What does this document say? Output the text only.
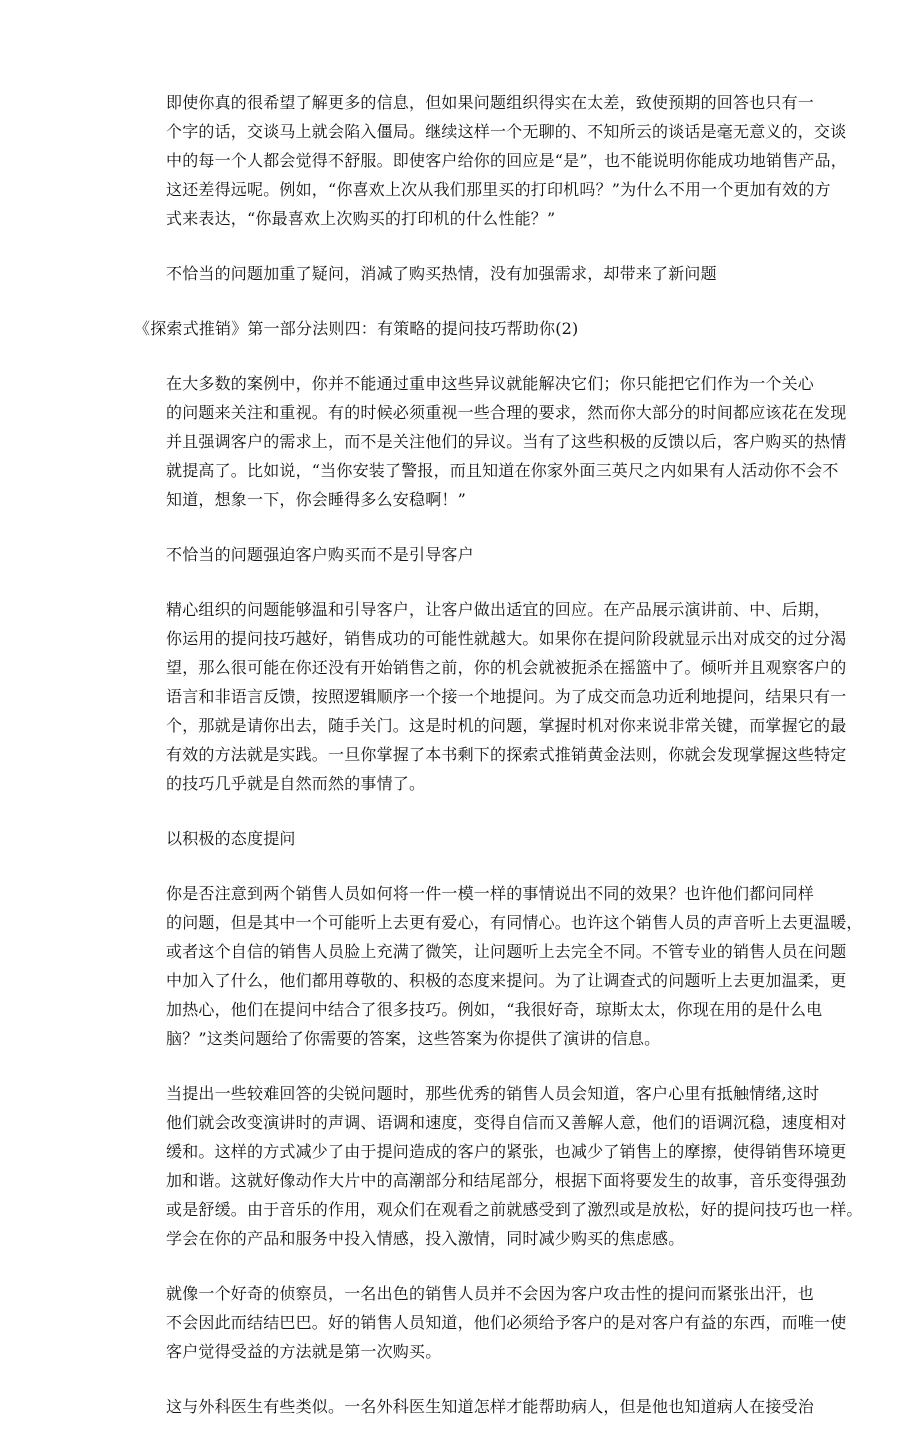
即使你真的很希望了解更多的信息，但如果问题组织得实在太差，致使预期的回答也只有一
个字的话，交谈马上就会陷入僵局。继续这样一个无聊的、不知所云的谈话是毫无意义的，交谈
中的每一个人都会觉得不舒服。即使客户给你的回应是“是”，也不能说明你能成功地销售产品，
这还差得远呢。例如，“你喜欢上次从我们那里买的打印机吗？”为什么不用一个更加有效的方
式来表达，“你最喜欢上次购买的打印机的什么性能？”

不恰当的问题加重了疑问，消减了购买热情，没有加强需求，却带来了新问题

《探索式推销》第一部分法则四：有策略的提问技巧帮助你(2)

在大多数的案例中，你并不能通过重申这些异议就能解决它们；你只能把它们作为一个关心
的问题来关注和重视。有的时候必须重视一些合理的要求，然而你大部分的时间都应该花在发现
并且强调客户的需求上，而不是关注他们的异议。当有了这些积极的反馈以后，客户购买的热情
就提高了。比如说，“当你安装了警报，而且知道在你家外面三英尺之内如果有人活动你不会不
知道，想象一下，你会睡得多么安稳啊！”

不恰当的问题强迫客户购买而不是引导客户

精心组织的问题能够温和引导客户，让客户做出适宜的回应。在产品展示演讲前、中、后期，
你运用的提问技巧越好，销售成功的可能性就越大。如果你在提问阶段就显示出对成交的过分渴
望，那么很可能在你还没有开始销售之前，你的机会就被扼杀在摇篮中了。倾听并且观察客户的
语言和非语言反馈，按照逻辑顺序一个接一个地提问。为了成交而急功近利地提问，结果只有一
个，那就是请你出去，随手关门。这是时机的问题，掌握时机对你来说非常关键，而掌握它的最
有效的方法就是实践。一旦你掌握了本书剩下的探索式推销黄金法则，你就会发现掌握这些特定
的技巧几乎就是自然而然的事情了。

以积极的态度提问

你是否注意到两个销售人员如何将一件一模一样的事情说出不同的效果？也许他们都问同样
的问题，但是其中一个可能听上去更有爱心，有同情心。也许这个销售人员的声音听上去更温暖，
或者这个自信的销售人员脸上充满了微笑，让问题听上去完全不同。不管专业的销售人员在问题
中加入了什么，他们都用尊敬的、积极的态度来提问。为了让调查式的问题听上去更加温柔，更
加热心，他们在提问中结合了很多技巧。例如，“我很好奇，琼斯太太，你现在用的是什么电
脑？”这类问题给了你需要的答案，这些答案为你提供了演讲的信息。

当提出一些较难回答的尖锐问题时，那些优秀的销售人员会知道，客户心里有抵触情绪,这时
他们就会改变演讲时的声调、语调和速度，变得自信而又善解人意，他们的语调沉稳，速度相对
缓和。这样的方式减少了由于提问造成的客户的紧张，也减少了销售上的摩擦，使得销售环境更
加和谐。这就好像动作大片中的高潮部分和结尾部分，根据下面将要发生的故事，音乐变得强劲
或是舒缓。由于音乐的作用，观众们在观看之前就感受到了激烈或是放松，好的提问技巧也一样。
学会在你的产品和服务中投入情感，投入激情，同时减少购买的焦虑感。

就像一个好奇的侦察员，一名出色的销售人员并不会因为客户攻击性的提问而紧张出汗，也
不会因此而结结巴巴。好的销售人员知道，他们必须给予客户的是对客户有益的东西，而唯一使
客户觉得受益的方法就是第一次购买。

这与外科医生有些类似。一名外科医生知道怎样才能帮助病人，但是他也知道病人在接受治
